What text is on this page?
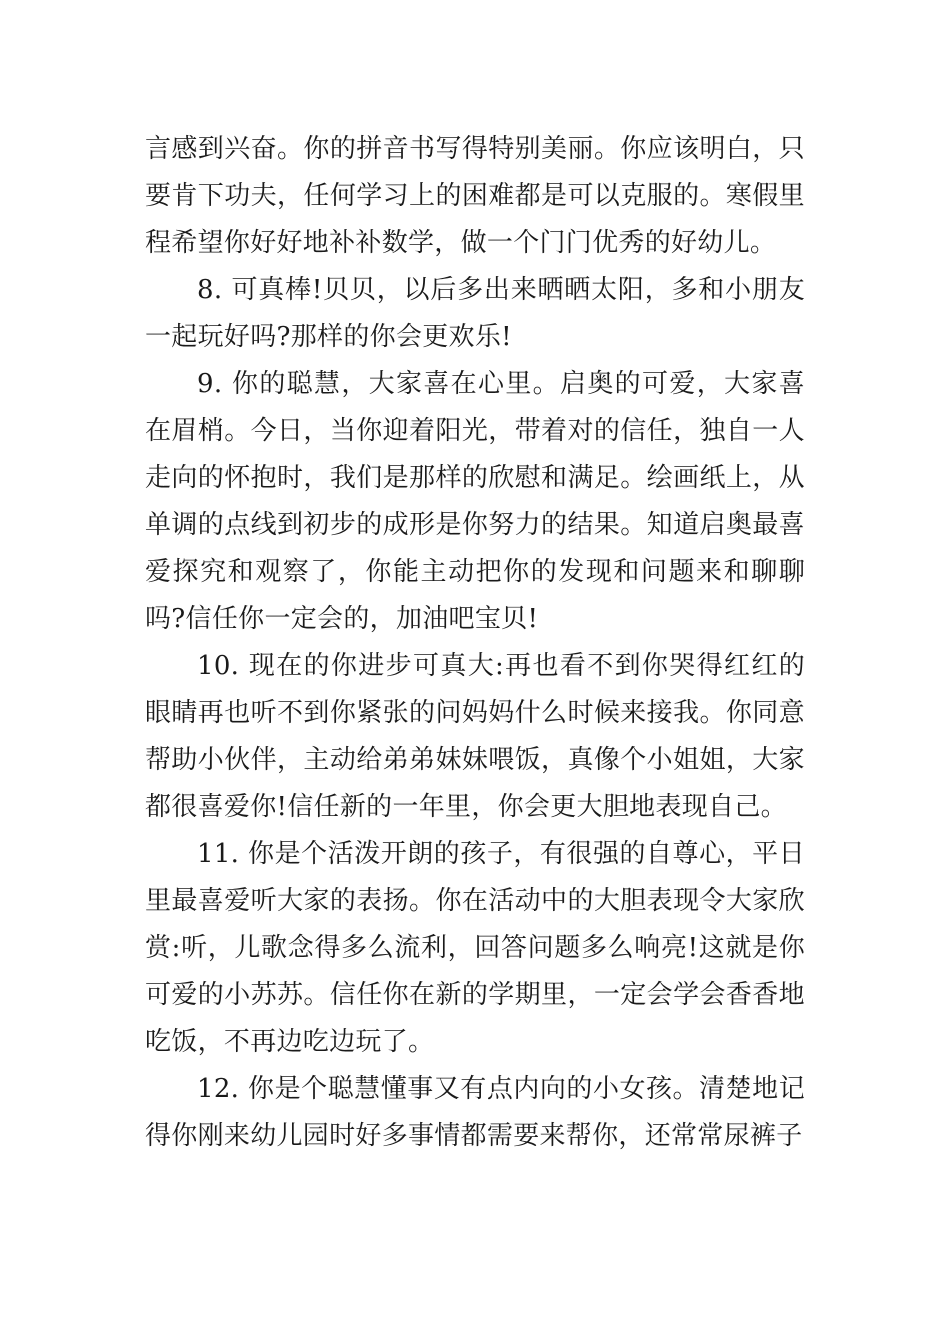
言感到兴奋。你的拼音书写得特别美丽。你应该明白，只要肯下功夫，任何学习上的困难都是可以克服的。寒假里程希望你好好地补补数学，做一个门门优秀的好幼儿。

8. 可真棒!贝贝，以后多出来晒晒太阳，多和小朋友一起玩好吗?那样的你会更欢乐!

9. 你的聪慧，大家喜在心里。启奥的可爱，大家喜在眉梢。今日，当你迎着阳光，带着对的信任，独自一人走向的怀抱时，我们是那样的欣慰和满足。绘画纸上，从单调的点线到初步的成形是你努力的结果。知道启奥最喜爱探究和观察了，你能主动把你的发现和问题来和聊聊吗?信任你一定会的，加油吧宝贝!

10. 现在的你进步可真大:再也看不到你哭得红红的眼睛再也听不到你紧张的问妈妈什么时候来接我。你同意帮助小伙伴，主动给弟弟妹妹喂饭，真像个小姐姐，大家都很喜爱你!信任新的一年里，你会更大胆地表现自己。

11. 你是个活泼开朗的孩子，有很强的自尊心，平日里最喜爱听大家的表扬。你在活动中的大胆表现令大家欣赏:听，儿歌念得多么流利，回答问题多么响亮!这就是你可爱的小苏苏。信任你在新的学期里，一定会学会香香地吃饭，不再边吃边玩了。

12. 你是个聪慧懂事又有点内向的小女孩。清楚地记得你刚来幼儿园时好多事情都需要来帮你，还常常尿裤子
